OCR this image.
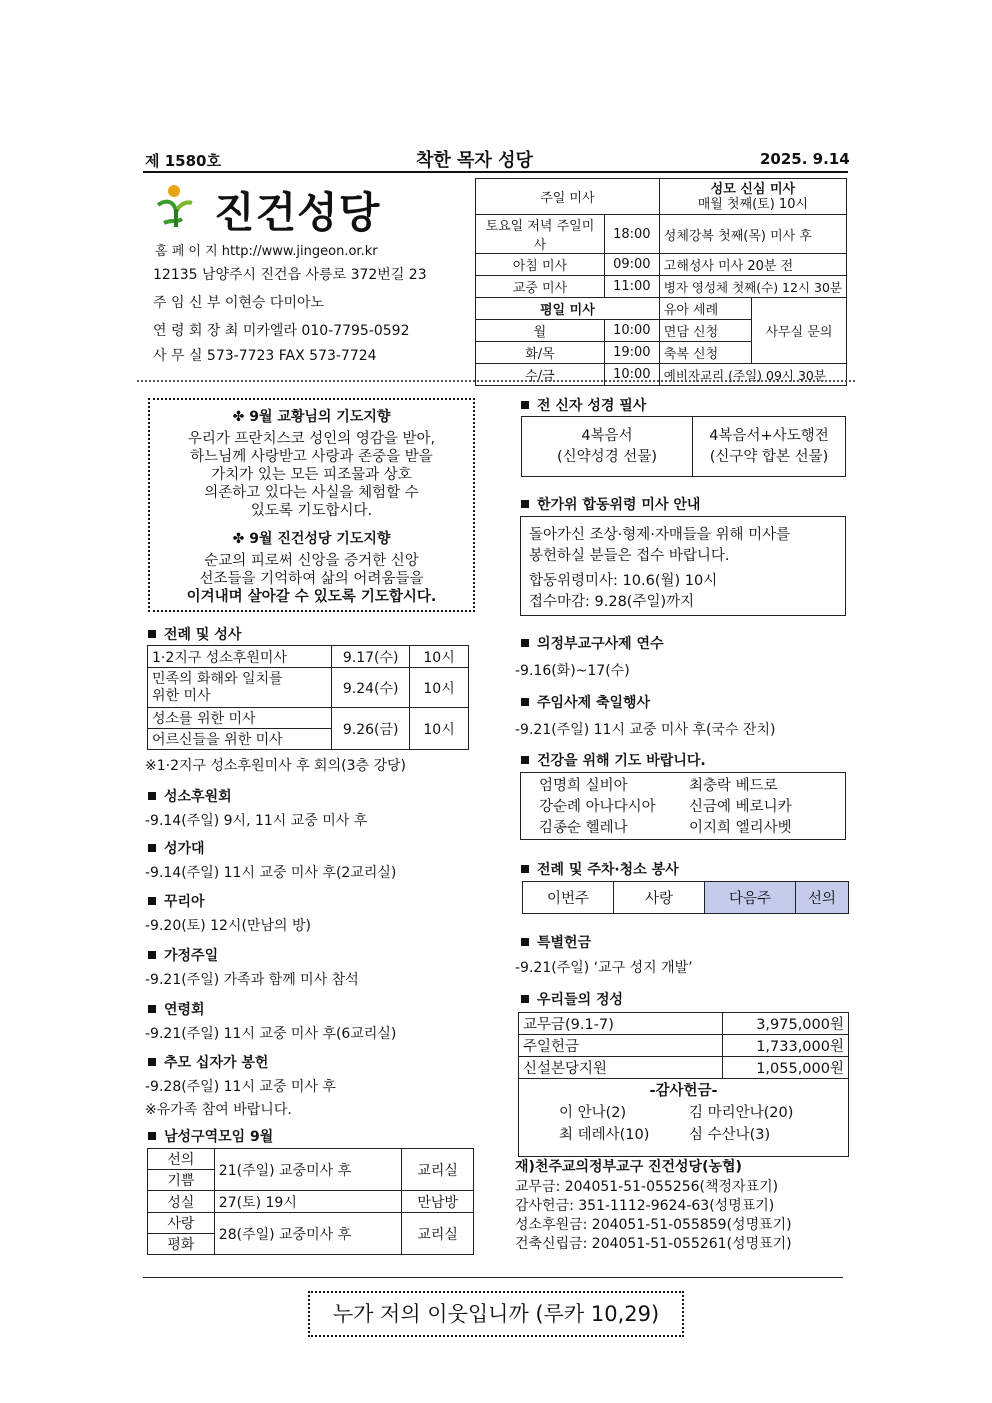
제 1580호	착한 목자 성당	2025. 9.14
진건성당
홈 페 이 지 http://www.jingeon.or.kr
12135 남양주시 진건읍 사릉로 372번길 23
주 임 신 부 이현승 다미아노
연 령 회 장 최 미카엘라 010-7795-0592
사 무 실 573-7723 FAX 573-7724
주일 미사		성모 신심 미사
매월 첫째(토) 10시	

토요일 저녁 주일미사	18:00	성체강복 첫째(목) 미사 후	
아침 미사	09:00	고해성사 미사 20분 전	
교중 미사	11:00	병자 영성체 첫째(수) 12시 30분	
평일 미사		유아 세례	사무실 문의
월	10:00	면담 신청	
화/목	19:00	축복 신청	
수/금	10:00	예비자교리 (주일) 09시 30분	
✤ 9월 교황님의 기도지향
우리가 프란치스코 성인의 영감을 받아,
하느님께 사랑받고 사랑과 존중을 받을
가치가 있는 모든 피조물과 상호
의존하고 있다는 사실을 체험할 수
있도록 기도합시다.
✤ 9월 진건성당 기도지향
순교의 피로써 신앙을 증거한 신앙
선조들을 기억하여 삶의 어려움들을
이겨내며 살아갈 수 있도록 기도합시다.
전례 및 성사
1·2지구 성소후원미사	9.17(수)	10시
민족의 화해와 일치를
위한 미사	9.24(수)	10시
성소를 위한 미사	9.26(금)	10시
어르신들을 위한 미사		
※1·2지구 성소후원미사 후 회의(3층 강당)
성소후원회
-9.14(주일) 9시, 11시 교중 미사 후
성가대
-9.14(주일) 11시 교중 미사 후(2교리실)
꾸리아
-9.20(토) 12시(만남의 방)
가정주일
-9.21(주일) 가족과 함께 미사 참석
연령회
-9.21(주일) 11시 교중 미사 후(6교리실)
추모 십자가 봉헌
-9.28(주일) 11시 교중 미사 후
※유가족 참여 바랍니다.
남성구역모임 9월
선의	21(주일) 교중미사 후	교리실
기쁨		
성실	27(토) 19시	만남방
사랑	28(주일) 교중미사 후	교리실
평화		
전 신자 성경 필사
4복음서
(신약성경 선물)

4복음서+사도행전
(신구약 합본 선물)
한가위 합동위령 미사 안내
돌아가신 조상·형제·자매들을 위해 미사를
봉헌하실 분들은 접수 바랍니다.
합동위령미사: 10.6(월) 10시
접수마감: 9.28(주일)까지
의정부교구사제 연수
-9.16(화)~17(수)
주임사제 축일행사
-9.21(주일) 11시 교중 미사 후(국수 잔치)
건강을 위해 기도 바랍니다.
엄명희 실비아	최충락 베드로
강순례 아나다시아 신금예 베로니카
김종순 헬레나	이지희 엘리사벳
전례 및 주차·청소 봉사
이번주	사랑	다음주	선의
특별헌금
-9.21(주일) ‘교구 성지 개발’
우리들의 정성
교무금(9.1-7)	3,975,000원
주일헌금	1,733,000원
신설본당지원	1,055,000원

-감사헌금-
이 안나(2) 김 마리안나(20)
최 데레사(10) 심 수산나(3)	
재)천주교의정부교구 진건성당(농협)
교무금: 204051-51-055256(책정자표기)
감사헌금: 351-1112-9624-63(성명표기)
성소후원금: 204051-51-055859(성명표기)
건축신립금: 204051-51-055261(성명표기)
누가 저의 이웃입니까 (루카 10,29)
